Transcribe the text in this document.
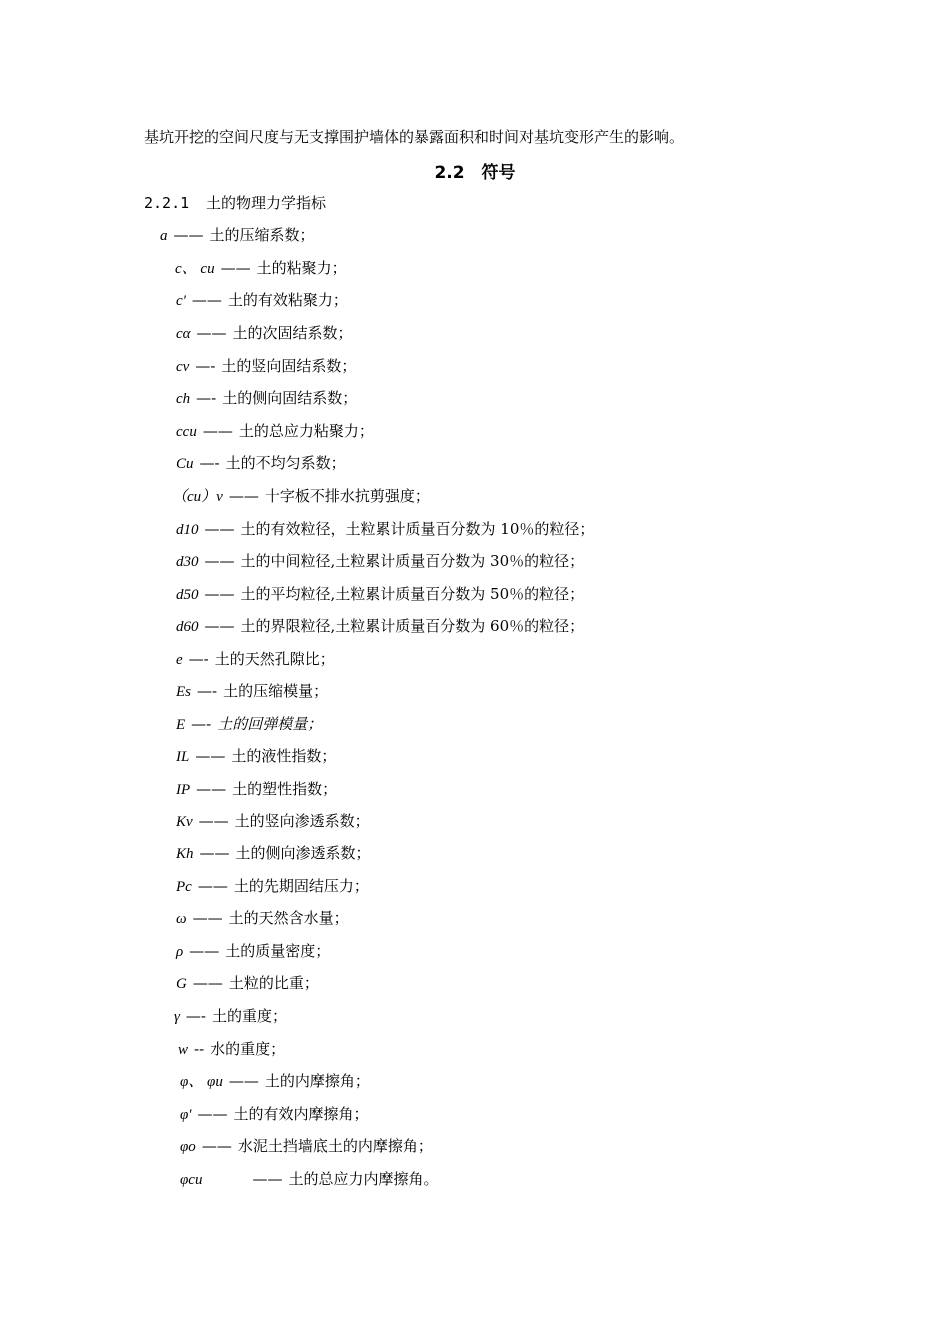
基坑开挖的空间尺度与无支撑围护墙体的暴露面积和时间对基坑变形产生的影响。
2.2　符号
2.2.1 土的物理力学指标
a —— 土的压缩系数；
c、 cu —— 土的粘聚力；
c' —— 土的有效粘聚力；
cα —— 土的次固结系数；
cv —- 土的竖向固结系数；
ch —- 土的侧向固结系数；
ccu —— 土的总应力粘聚力；
Cu —- 土的不均匀系数；
（cu）v —— 十字板不排水抗剪强度；
d10 —— 土的有效粒径，土粒累计质量百分数为 10％的粒径；
d30 —— 土的中间粒径,土粒累计质量百分数为 30％的粒径；
d50 —— 土的平均粒径,土粒累计质量百分数为 50％的粒径；
d60 —— 土的界限粒径,土粒累计质量百分数为 60％的粒径；
e —- 土的天然孔隙比；
Es —- 土的压缩模量；
E —- 土的回弹模量；
IL —— 土的液性指数；
IP —— 土的塑性指数；
Kv —— 土的竖向渗透系数；
Kh —— 土的侧向渗透系数；
Pc —— 土的先期固结压力；
ω —— 土的天然含水量；
ρ —— 土的质量密度；
G —— 土粒的比重；
γ —- 土的重度；
w -- 水的重度；
φ、 φu —— 土的内摩擦角；
φ' —— 土的有效内摩擦角；
φo —— 水泥土挡墙底土的内摩擦角；
φcu	—— 土的总应力内摩擦角。
